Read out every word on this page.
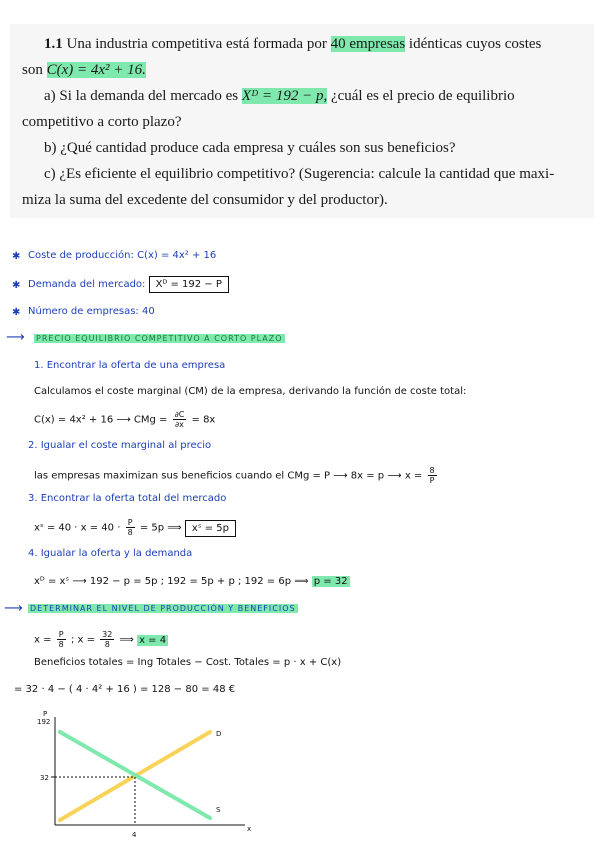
1.1 Una industria competitiva está formada por 40 empresas idénticas cuyos costes
son C(x) = 4x² + 16.
a) Si la demanda del mercado es Xᴰ = 192 − p, ¿cuál es el precio de equilibrio
competitivo a corto plazo?
b) ¿Qué cantidad produce cada empresa y cuáles son sus beneficios?
c) ¿Es eficiente el equilibrio competitivo? (Sugerencia: calcule la cantidad que maxi-
miza la suma del excedente del consumidor y del productor).
✱ Coste de producción: C(x) = 4x² + 16
✱ Demanda del mercado: Xᴰ = 192 − P
✱ Número de empresas: 40
⟶ PRECIO EQUILIBRIO COMPETITIVO A CORTO PLAZO
1. Encontrar la oferta de una empresa
Calculamos el coste marginal (CM) de la empresa, derivando la función de coste total:
C(x) = 4x² + 16 ⟶ CMg = $\frac{\partial C}{\partial x} = 8x$
2. Igualar el coste marginal al precio
las empresas maximizan sus beneficios cuando el CMg = P ⟶ 8x = p ⟶ $x = \frac{8}{P}$
3. Encontrar la oferta total del mercado
xˢ = $40 \cdot x = 40 \cdot \frac{P}{8} = 5p$ ⟹ xˢ = 5p
4. Igualar la oferta y la demanda
xᴰ = xˢ ⟶ 192 − p = 5p ; 192 = 5p + p ; 192 = 6p ⟹ p = 32
⟶ DETERMINAR EL NIVEL DE PRODUCCIÓN Y BENEFICIOS
$x = \frac{P}{8}$ ; $x = \frac{32}{8}$ ⟹ x = 4
Beneficios totales = Ing Totales − Cost. Totales = p · x + C(x)
= 32 · 4 − ( 4 · 4² + 16 ) = 128 − 80 = 48 €
P
x
D
S
192
32
4
